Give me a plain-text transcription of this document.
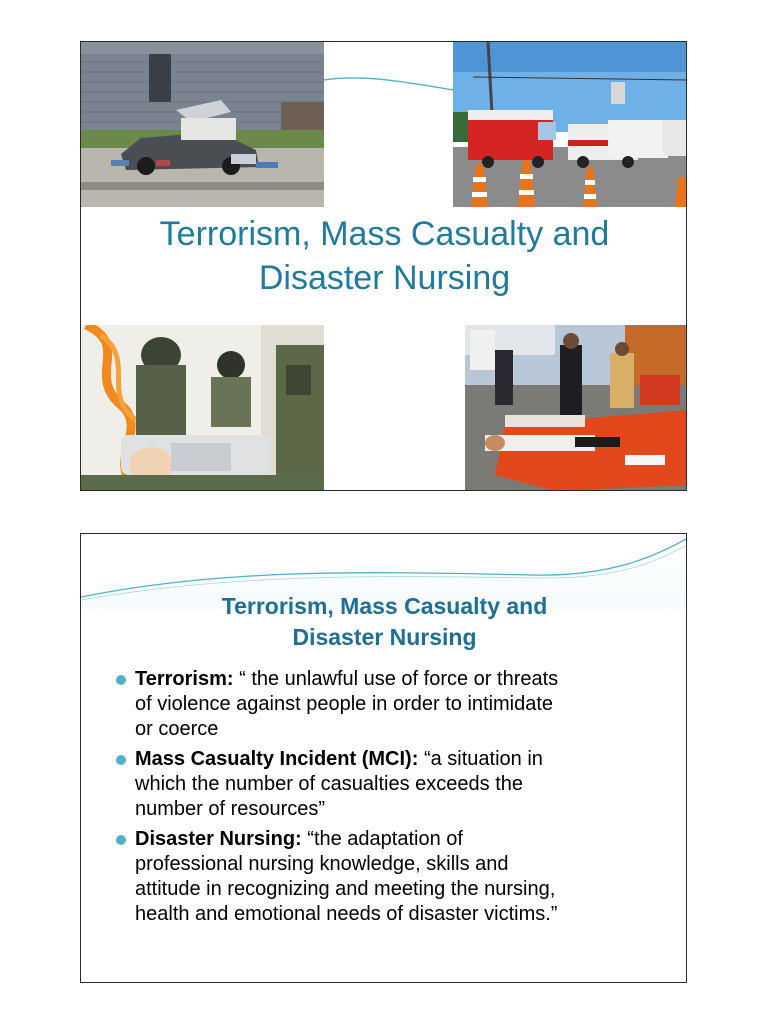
Terrorism, Mass Casualty and
Disaster Nursing
Terrorism, Mass Casualty and
Disaster Nursing
Terrorism: “ the unlawful use of force or threats
of violence against people in order to intimidate
or coerce
Mass Casualty Incident (MCI): “a situation in
which the number of casualties exceeds the
number of resources”
Disaster Nursing: “the adaptation of
professional nursing knowledge, skills and
attitude in recognizing and meeting the nursing,
health and emotional needs of disaster victims.”
